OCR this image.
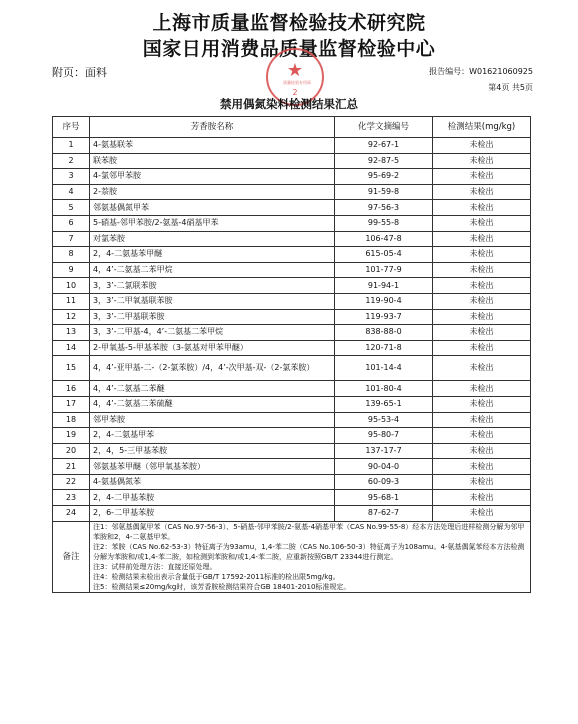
上海市质量监督检验技术研究院
国家日用消费品质量监督检验中心
附页：面料	报告编号：W01621060925
第4页 共5页
★
质量检验专用章
2
禁用偶氮染料检测结果汇总
序号	芳香胺名称	化学文摘编号	检测结果(mg/kg)
1	4-氨基联苯	92-67-1	未检出
2	联苯胺	92-87-5	未检出
3	4-氯邻甲苯胺	95-69-2	未检出
4	2-萘胺	91-59-8	未检出
5	邻氨基偶氮甲苯	97-56-3	未检出
6	5-硝基-邻甲苯胺/2-氨基-4硝基甲苯	99-55-8	未检出
7	对氯苯胺	106-47-8	未检出
8	2，4-二氨基苯甲醚	615-05-4	未检出
9	4，4’-二氨基二苯甲烷	101-77-9	未检出
10	3，3’-二氯联苯胺	91-94-1	未检出
11	3，3’-二甲氧基联苯胺	119-90-4	未检出
12	3，3’-二甲基联苯胺	119-93-7	未检出
13	3，3’-二甲基-4，4’-二氨基二苯甲烷	838-88-0	未检出
14	2-甲氧基-5-甲基苯胺（3-氨基对甲苯甲醚）	120-71-8	未检出
15	4，4’-亚甲基-二-（2-氯苯胺）/4，4’-次甲基-双-（2-氯苯胺）	101-14-4	未检出
16	4，4’-二氨基二苯醚	101-80-4	未检出
17	4，4’-二氨基二苯硫醚	139-65-1	未检出
18	邻甲苯胺	95-53-4	未检出
19	2，4-二氨基甲苯	95-80-7	未检出
20	2，4，5-三甲基苯胺	137-17-7	未检出
21	邻氨基苯甲醚（邻甲氧基苯胺）	90-04-0	未检出
22	4-氨基偶氮苯	60-09-3	未检出
23	2，4-二甲基苯胺	95-68-1	未检出
24	2，6-二甲基苯胺	87-62-7	未检出
备注	注1：邻氨基偶氮甲苯（CAS No.97-56-3）、5-硝基-邻甲苯胺/2-氨基-4硝基甲苯（CAS No.99-55-8）经本方法处理后进样检测分解为邻甲苯胺和2，4-二氨基甲苯。
注2：苯胺（CAS No.62-53-3）特征离子为93amu，1,4-苯二胺（CAS No.106-50-3）特征离子为108amu。4-氨基偶氮苯经本方法检测分解为苯胺和/或1,4-苯二胺，如检测到苯胺和/或1,4-苯二胺，应重新按照GB/T 23344进行测定。
注3：试样前处理方法：直接还原处理。
注4：检测结果未检出表示含量低于GB/T 17592-2011标准的检出限5mg/kg。
注5：检测结果≤20mg/kg时，该芳香胺检测结果符合GB 18401-2010标准规定。		
